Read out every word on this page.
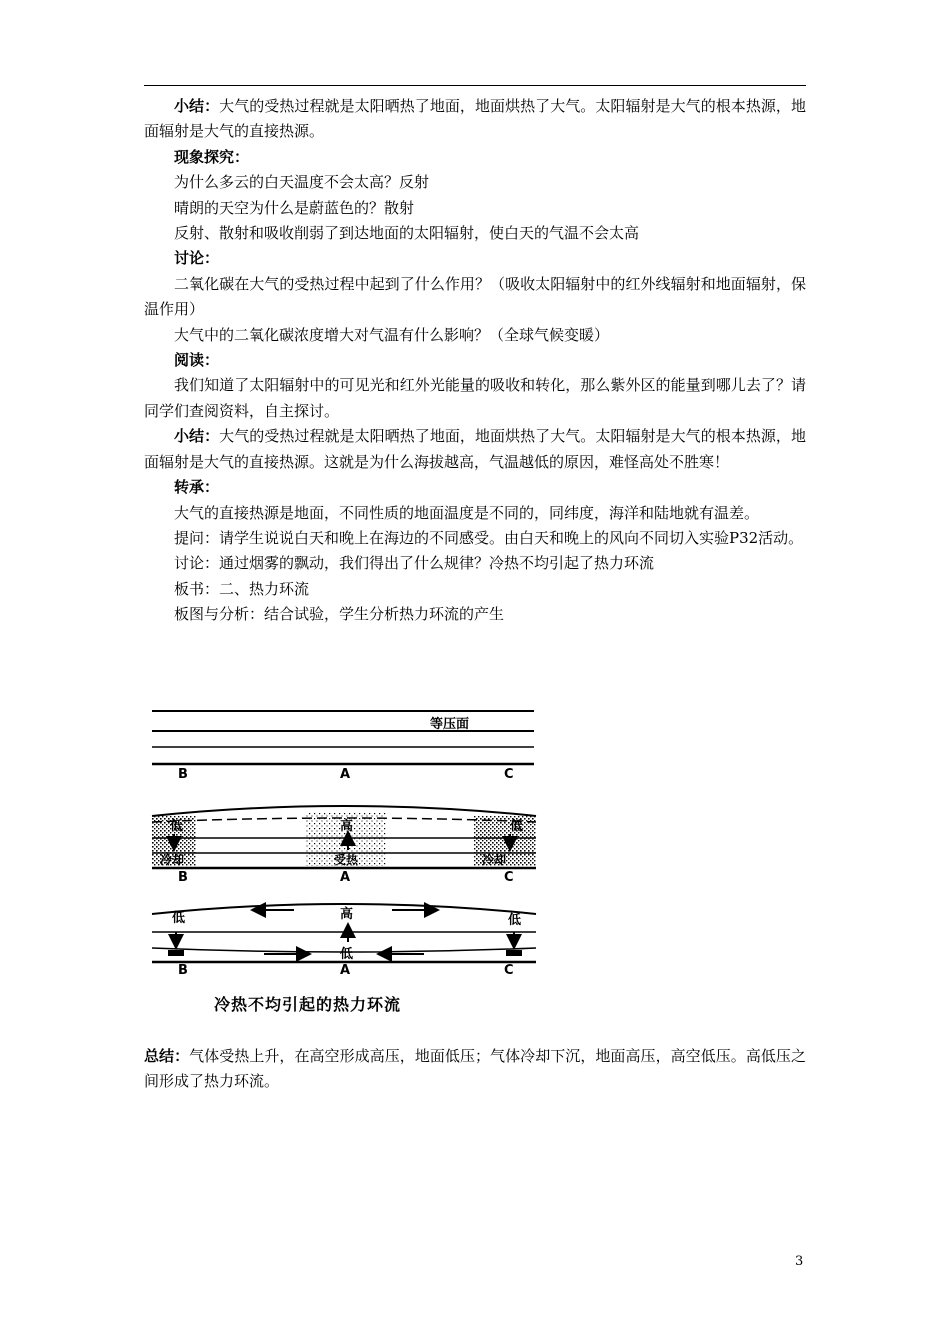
小结：大气的受热过程就是太阳晒热了地面，地面烘热了大气。太阳辐射是大气的根本热源，地面辐射是大气的直接热源。

现象探究：

为什么多云的白天温度不会太高？反射

晴朗的天空为什么是蔚蓝色的？散射

反射、散射和吸收削弱了到达地面的太阳辐射，使白天的气温不会太高

讨论：

二氧化碳在大气的受热过程中起到了什么作用？（吸收太阳辐射中的红外线辐射和地面辐射，保温作用）

大气中的二氧化碳浓度增大对气温有什么影响？（全球气候变暖）

阅读：

我们知道了太阳辐射中的可见光和红外光能量的吸收和转化，那么紫外区的能量到哪儿去了？请同学们查阅资料，自主探讨。

小结：大气的受热过程就是太阳晒热了地面，地面烘热了大气。太阳辐射是大气的根本热源，地面辐射是大气的直接热源。这就是为什么海拔越高，气温越低的原因，难怪高处不胜寒！

转承：

大气的直接热源是地面，不同性质的地面温度是不同的，同纬度，海洋和陆地就有温差。

提问：请学生说说白天和晚上在海边的不同感受。由白天和晚上的风向不同切入实验P32活动。

讨论：通过烟雾的飘动，我们得出了什么规律？冷热不均引起了热力环流

板书：二、热力环流

板图与分析：结合试验，学生分析热力环流的产生

等压面
B	A	C
低	低
高
冷却	受热	冷却
B	A	C
低	高	低
低
B	A	C
冷热不均引起的热力环流
总结：气体受热上升，在高空形成高压，地面低压；气体冷却下沉，地面高压，高空低压。高低压之间形成了热力环流。
3
